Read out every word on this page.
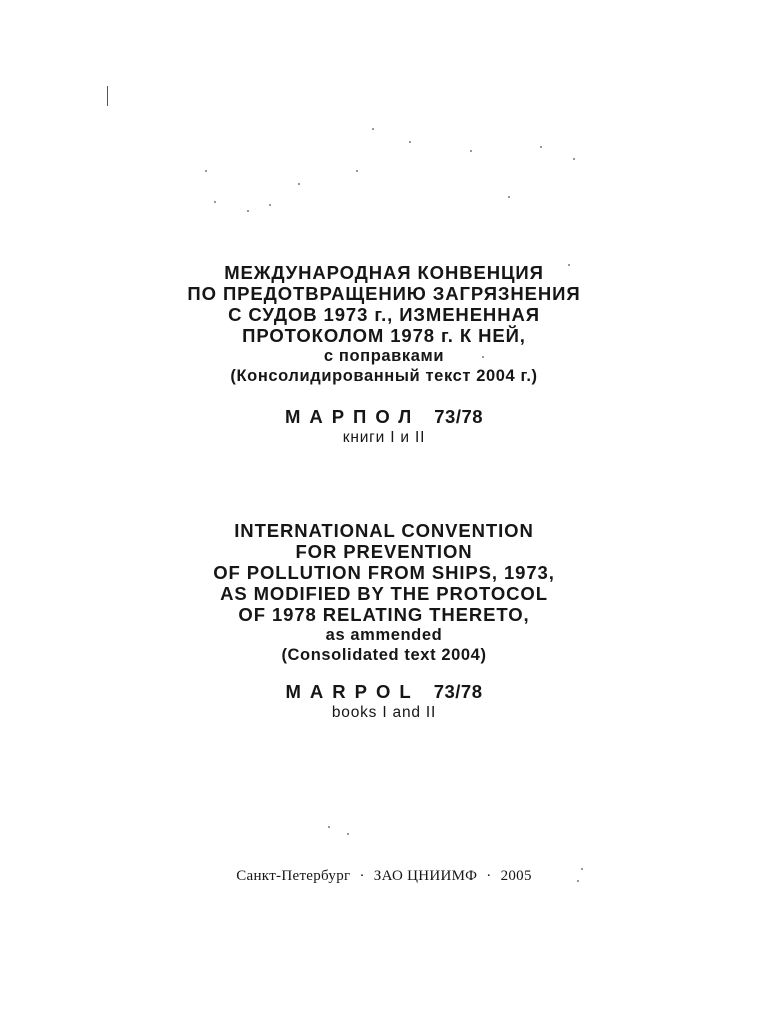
МЕЖДУНАРОДНАЯ КОНВЕНЦИЯ
ПО ПРЕДОТВРАЩЕНИЮ ЗАГРЯЗНЕНИЯ
С СУДОВ 1973 г., ИЗМЕНЕННАЯ
ПРОТОКОЛОМ 1978 г. К НЕЙ,
с поправками
(Консолидированный текст 2004 г.)
МАРПОЛ 73/78
книги I и II
INTERNATIONAL CONVENTION
FOR PREVENTION
OF POLLUTION FROM SHIPS, 1973,
AS MODIFIED BY THE PROTOCOL
OF 1978 RELATING THERETO,
as ammended
(Consolidated text 2004)
MARPOL 73/78
books I and II
Санкт-Петербург · ЗАО ЦНИИМФ · 2005
